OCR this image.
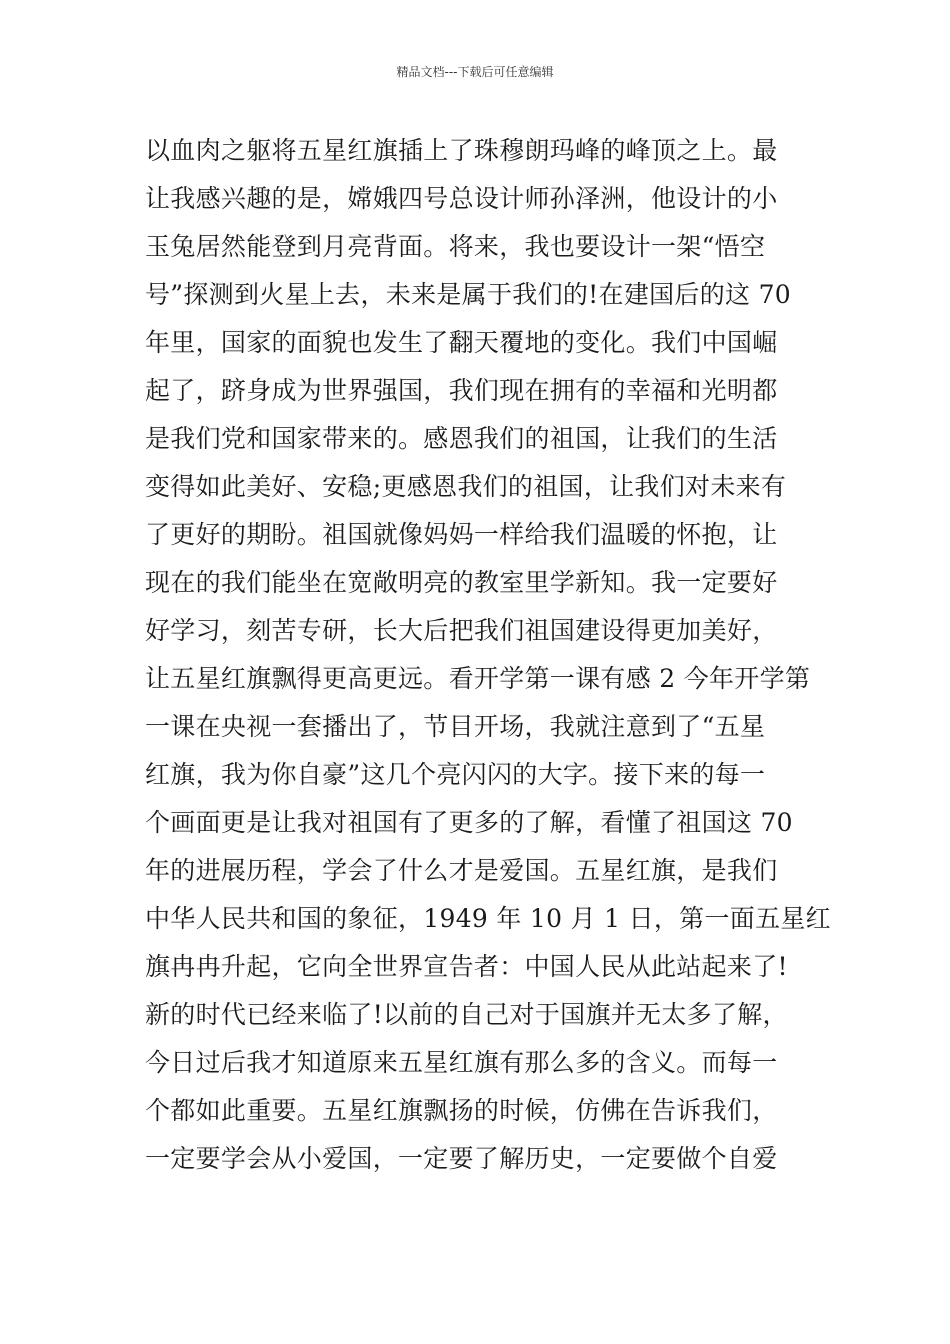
精品文档---下载后可任意编辑
以血肉之躯将五星红旗插上了珠穆朗玛峰的峰顶之上。最
让我感兴趣的是，嫦娥四号总设计师孙泽洲，他设计的小
玉兔居然能登到月亮背面。将来，我也要设计一架“悟空
号”探测到火星上去，未来是属于我们的!在建国后的这 70
年里，国家的面貌也发生了翻天覆地的变化。我们中国崛
起了，跻身成为世界强国，我们现在拥有的幸福和光明都
是我们党和国家带来的。感恩我们的祖国，让我们的生活
变得如此美好、安稳;更感恩我们的祖国，让我们对未来有
了更好的期盼。祖国就像妈妈一样给我们温暖的怀抱，让
现在的我们能坐在宽敞明亮的教室里学新知。我一定要好
好学习，刻苦专研，长大后把我们祖国建设得更加美好，
让五星红旗飘得更高更远。看开学第一课有感 2 今年开学第
一课在央视一套播出了，节目开场，我就注意到了“五星
红旗，我为你自豪”这几个亮闪闪的大字。接下来的每一
个画面更是让我对祖国有了更多的了解，看懂了祖国这 70
年的进展历程，学会了什么才是爱国。五星红旗，是我们
中华人民共和国的象征，1949 年 10 月 1 日，第一面五星红
旗冉冉升起，它向全世界宣告者：中国人民从此站起来了!
新的时代已经来临了!以前的自己对于国旗并无太多了解，
今日过后我才知道原来五星红旗有那么多的含义。而每一
个都如此重要。五星红旗飘扬的时候，仿佛在告诉我们，
一定要学会从小爱国，一定要了解历史，一定要做个自爱
